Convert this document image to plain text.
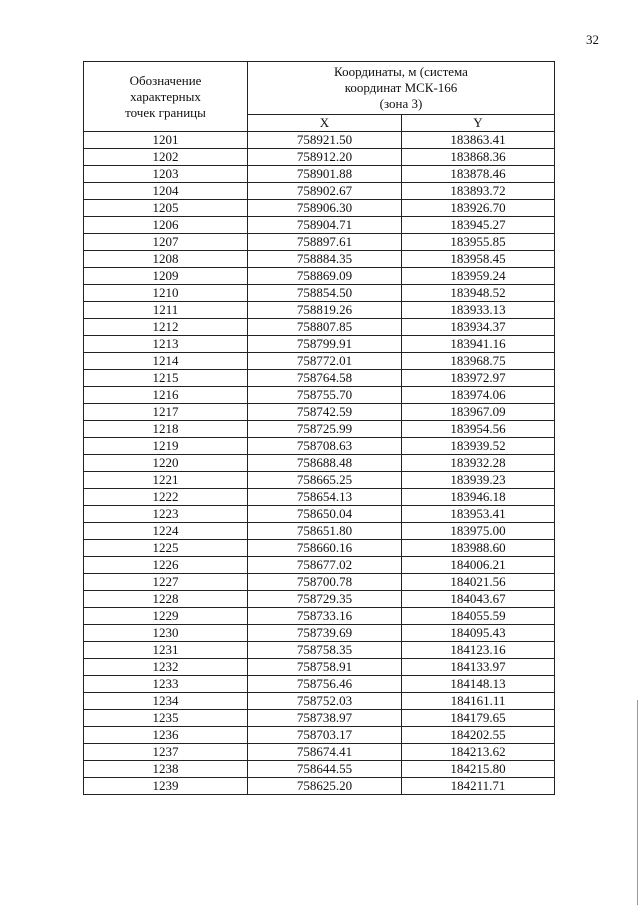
32
Обозначение характерных точек границы	Координаты, м (система координат МСК-166 (зона 3)	

	X	Y
1201	758921.50	183863.41
1202	758912.20	183868.36
1203	758901.88	183878.46
1204	758902.67	183893.72
1205	758906.30	183926.70
1206	758904.71	183945.27
1207	758897.61	183955.85
1208	758884.35	183958.45
1209	758869.09	183959.24
1210	758854.50	183948.52
1211	758819.26	183933.13
1212	758807.85	183934.37
1213	758799.91	183941.16
1214	758772.01	183968.75
1215	758764.58	183972.97
1216	758755.70	183974.06
1217	758742.59	183967.09
1218	758725.99	183954.56
1219	758708.63	183939.52
1220	758688.48	183932.28
1221	758665.25	183939.23
1222	758654.13	183946.18
1223	758650.04	183953.41
1224	758651.80	183975.00
1225	758660.16	183988.60
1226	758677.02	184006.21
1227	758700.78	184021.56
1228	758729.35	184043.67
1229	758733.16	184055.59
1230	758739.69	184095.43
1231	758758.35	184123.16
1232	758758.91	184133.97
1233	758756.46	184148.13
1234	758752.03	184161.11
1235	758738.97	184179.65
1236	758703.17	184202.55
1237	758674.41	184213.62
1238	758644.55	184215.80
1239	758625.20	184211.71
